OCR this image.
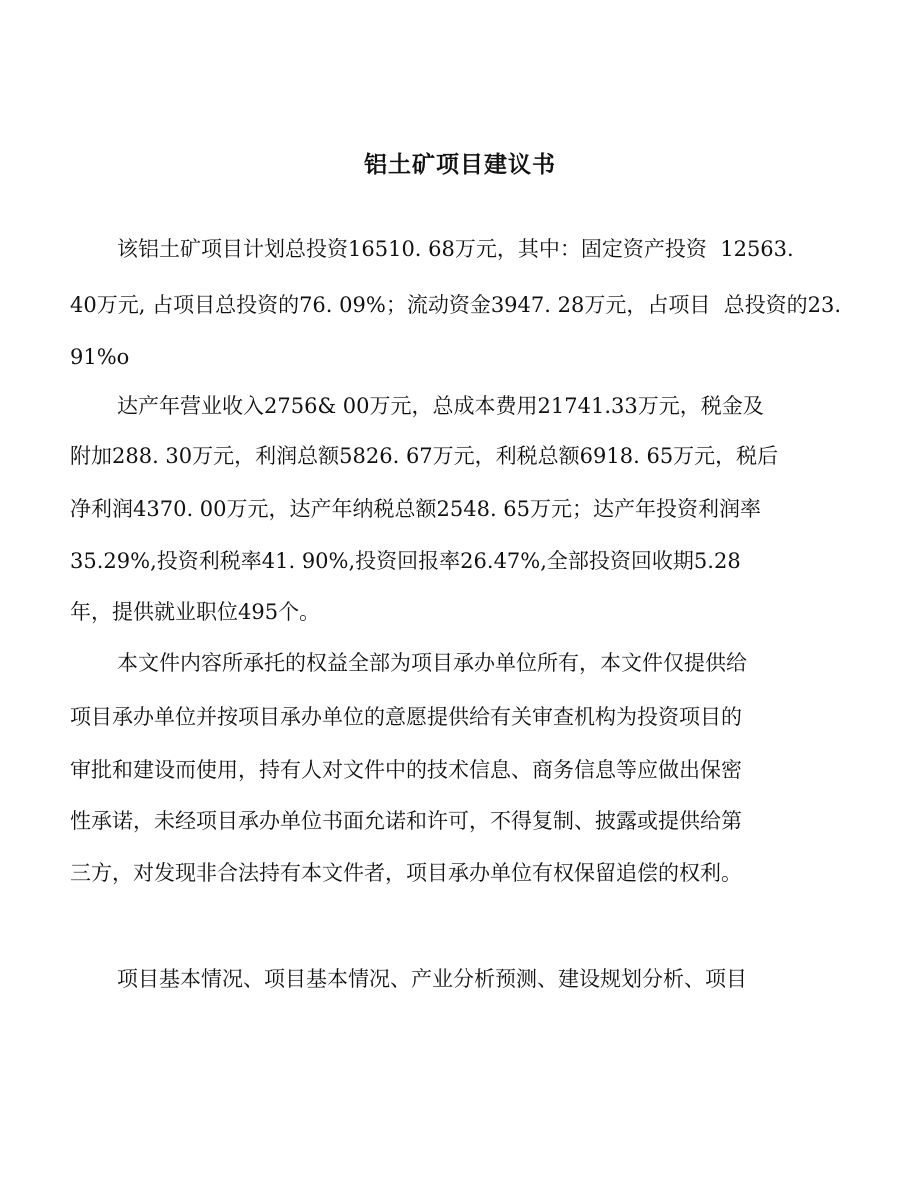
铝土矿项目建议书
该铝土矿项目计划总投资16510. 68万元，其中：固定资产投资  12563.
40万元, 占项目总投资的76. 09%；流动资金3947. 28万元，占项目  总投资的23.
91%o
达产年营业收入2756& 00万元，总成本费用21741.33万元，税金及
附加288. 30万元，利润总额5826. 67万元，利税总额6918. 65万元，税后
净利润4370. 00万元，达产年纳税总额2548. 65万元；达产年投资利润率
35.29%,投资利税率41. 90%,投资回报率26.47%,全部投资回收期5.28
年，提供就业职位495个。
本文件内容所承托的权益全部为项目承办单位所有，本文件仅提供给
项目承办单位并按项目承办单位的意愿提供给有关审查机构为投资项目的
审批和建设而使用，持有人对文件中的技术信息、商务信息等应做出保密
性承诺，未经项目承办单位书面允诺和许可，不得复制、披露或提供给第
三方，对发现非合法持有本文件者，项目承办单位有权保留追偿的权利。
项目基本情况、项目基本情况、产业分析预测、建设规划分析、项目
